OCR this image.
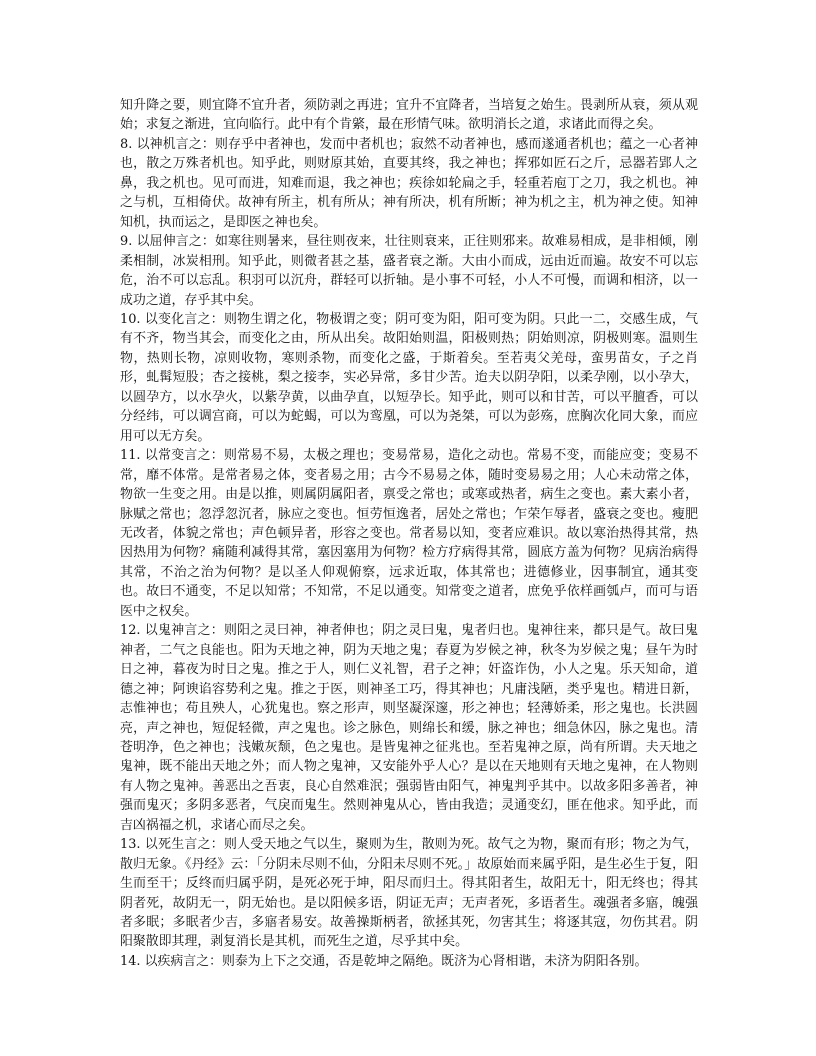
知升降之要，则宜降不宜升者，须防剥之再进；宜升不宜降者，当培复之始生。畏剥所从衰，须从观始；求复之渐进，宜向临行。此中有个肯綮，最在形情气味。欲明消长之道，求诸此而得之矣。

8. 以神机言之：则存乎中者神也，发而中者机也；寂然不动者神也，感而遂通者机也；蕴之一心者神也，散之万殊者机也。知乎此，则财原其始，直要其终，我之神也；挥邪如匠石之斤，忌器若郢人之鼻，我之机也。见可而进，知难而退，我之神也；疾徐如轮扁之手，轻重若庖丁之刀，我之机也。神之与机，互相倚伏。故神有所主，机有所从；神有所决，机有所断；神为机之主，机为神之使。知神知机，执而运之，是即医之神也矣。

9. 以屈伸言之：如寒往则暑来，昼往则夜来，壮往则衰来，正往则邪来。故难易相成，是非相倾，刚柔相制，冰炭相刑。知乎此，则微者甚之基，盛者衰之渐。大由小而成，远由近而遍。故安不可以忘危，治不可以忘乱。积羽可以沉舟，群轻可以折轴。是小事不可轻，小人不可慢，而调和相济，以一成功之道，存乎其中矣。

10. 以变化言之：则物生谓之化，物极谓之变；阴可变为阳，阳可变为阴。只此一二，交感生成，气有不齐，物当其会，而变化之由，所从出矣。故阳始则温，阳极则热；阴始则凉，阴极则寒。温则生物，热则长物，凉则收物，寒则杀物，而变化之盛，于斯着矣。至若夷父羌母，蛮男苗女，子之肖形，虬髯短股；杏之接桃，梨之接李，实必异常，多甘少苦。迨夫以阴孕阳，以柔孕刚，以小孕大，以圆孕方，以水孕火，以紫孕黄，以曲孕直，以短孕长。知乎此，则可以和甘苦，可以平膻香，可以分经纬，可以调宫商，可以为蛇蝎，可以为鸾凰，可以为尧桀，可以为彭殇，庶胸次化同大象，而应用可以无方矣。

11. 以常变言之：则常易不易，太极之理也；变易常易，造化之动也。常易不变，而能应变；变易不常，靡不体常。是常者易之体，变者易之用；古今不易易之体，随时变易易之用；人心未动常之体，物欲一生变之用。由是以推，则属阴属阳者，禀受之常也；或寒或热者，病生之变也。素大素小者，脉赋之常也；忽浮忽沉者，脉应之变也。恒劳恒逸者，居处之常也；乍荣乍辱者，盛衰之变也。瘦肥无改者，体貌之常也；声色顿异者，形容之变也。常者易以知，变者应难识。故以寒治热得其常，热因热用为何物？痛随利减得其常，塞因塞用为何物？检方疗病得其常，圆底方盖为何物？见病治病得其常，不治之治为何物？是以圣人仰观俯察，远求近取，体其常也；进德修业，因事制宜，通其变也。故曰不通变，不足以知常；不知常，不足以通变。知常变之道者，庶免乎依样画瓠卢，而可与语医中之权矣。

12. 以鬼神言之：则阳之灵曰神，神者伸也；阴之灵曰鬼，鬼者归也。鬼神往来，都只是气。故曰鬼神者，二气之良能也。阳为天地之神，阴为天地之鬼；春夏为岁候之神，秋冬为岁候之鬼；昼午为时日之神，暮夜为时日之鬼。推之于人，则仁义礼智，君子之神；奸盗诈伪，小人之鬼。乐天知命，道德之神；阿谀谄容势利之鬼。推之于医，则神圣工巧，得其神也；凡庸浅陋，类乎鬼也。精进日新，志惟神也；苟且殃人，心犹鬼也。察之形声，则坚凝深邃，形之神也；轻薄娇柔，形之鬼也。长洪圆亮，声之神也，短促轻微，声之鬼也。诊之脉色，则绵长和缓，脉之神也；细急休囚，脉之鬼也。清苍明净，色之神也；浅嫩灰颓，色之鬼也。是皆鬼神之征兆也。至若鬼神之原，尚有所谓。夫天地之鬼神，既不能出天地之外；而人物之鬼神，又安能外乎人心？是以在天地则有天地之鬼神，在人物则有人物之鬼神。善恶出之吾衷，良心自然难泯；强弱皆由阳气，神鬼判乎其中。以故多阳多善者，神强而鬼灭；多阴多恶者，气戾而鬼生。然则神鬼从心，皆由我造；灵通变幻，匪在他求。知乎此，而吉凶祸福之机，求诸心而尽之矣。

13. 以死生言之：则人受天地之气以生，聚则为生，散则为死。故气之为物，聚而有形；物之为气，散归无象。《丹经》云：「分阴未尽则不仙，分阳未尽则不死。」故原始而来属乎阳，是生必生于复，阳生而至干；反终而归属乎阴，是死必死于坤，阳尽而归土。得其阳者生，故阳无十，阳无终也；得其阴者死，故阴无一，阴无始也。是以阳候多语，阴证无声；无声者死，多语者生。魂强者多寤，魄强者多眠；多眠者少吉，多寤者易安。故善操斯柄者，欲拯其死，勿害其生；将逐其寇，勿伤其君。阴阳聚散即其理，剥复消长是其机，而死生之道，尽乎其中矣。

14. 以疾病言之：则泰为上下之交通，否是乾坤之隔绝。既济为心肾相谐，未济为阴阳各别。
